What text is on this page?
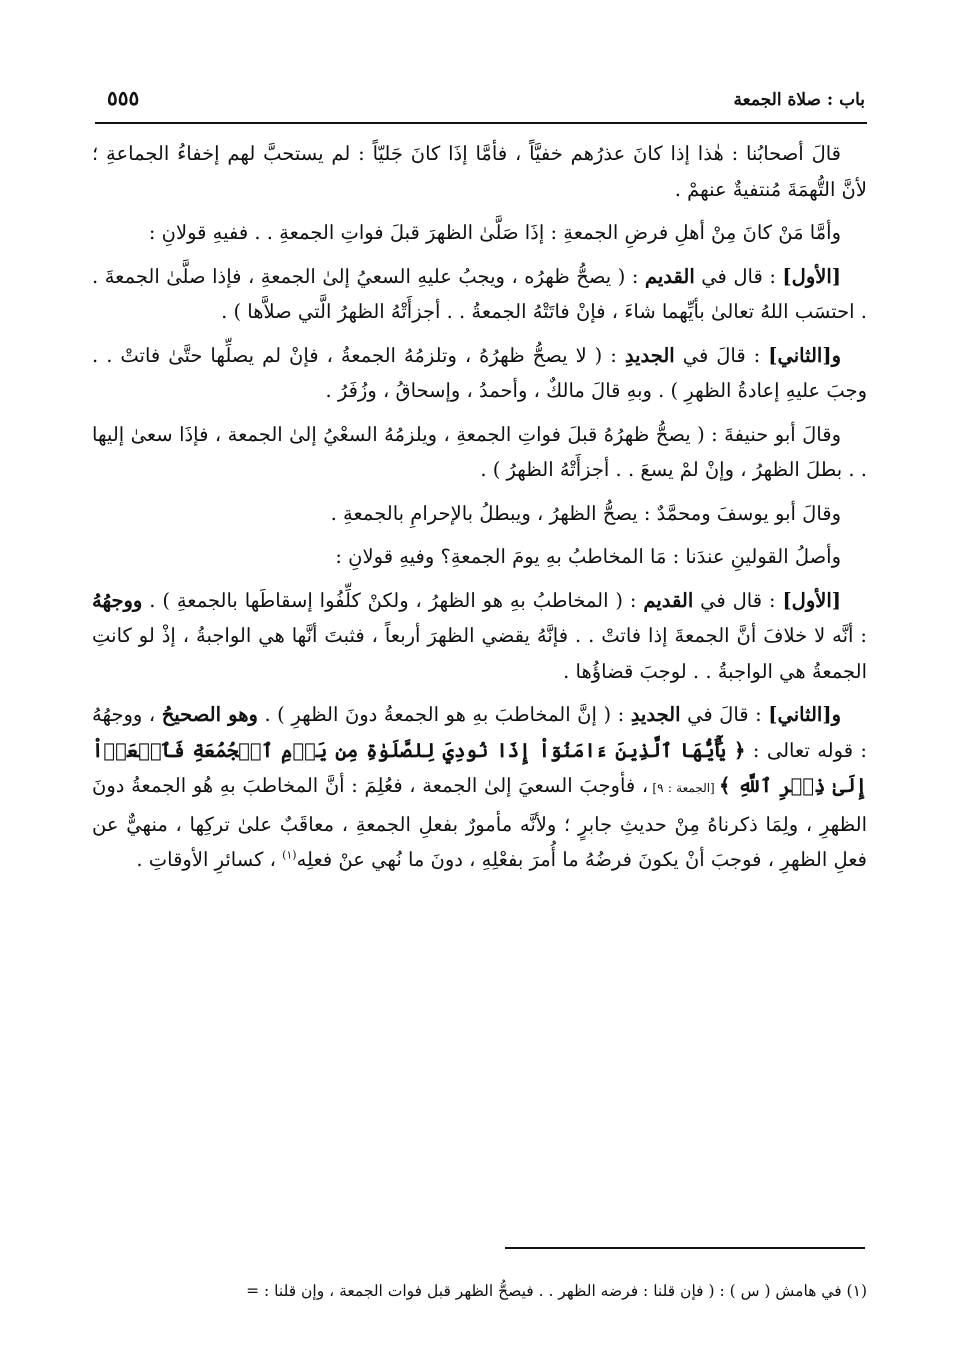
باب : صلاة الجمعة
٥٥٥

قالَ أصحابُنا : هٰذا إذا كانَ عذرُهم خفيَّاً ، فأمَّا إذَا كانَ جَليّاً : لم يستحبَّ لهم إخفاءُ الجماعةِ ؛ لأنَّ التُّهمَةَ مُنتفيةٌ عنهمْ .

وأمَّا مَنْ كانَ مِنْ أهلِ فرضِ الجمعةِ : إذَا صَلَّىٰ الظهرَ قبلَ فواتِ الجمعةِ . . ففيهِ قولانِ :

[الأول] : قال في القديم : ( يصحُّ ظهرُه ، ويجبُ عليهِ السعيُ إلىٰ الجمعةِ ، فإذا صلَّىٰ الجمعةَ . . احتسَب اللهُ تعالىٰ بأيِّهما شاءَ ، فإنْ فاتَتْهُ الجمعةُ . . أجزأَتْهُ الظهرُ الَّتي صلاَّها ) .

و[الثاني] : قالَ في الجديدِ : ( لا يصحُّ ظهرُهُ ، وتلزمُهُ الجمعةُ ، فإنْ لم يصلِّها حتَّىٰ فاتتْ . . وجبَ عليهِ إعادةُ الظهرِ ) . وبهِ قالَ مالكٌ ، وأحمدُ ، وإسحاقُ ، وزُفَرُ .

وقالَ أبو حنيفةَ : ( يصحُّ ظهرُهُ قبلَ فواتِ الجمعةِ ، ويلزمُهُ السعْيُ إلىٰ الجمعة ، فإذَا سعىٰ إليها . . بطلَ الظهرُ ، وإنْ لمْ يسعَ . . أجزأَتْهُ الظهرُ ) .

وقالَ أبو يوسفَ ومحمَّدٌ : يصحُّ الظهرُ ، ويبطلُ بالإحرامِ بالجمعةِ .

وأصلُ القولينِ عندَنا : مَا المخاطبُ بهِ يومَ الجمعةِ؟ وفيهِ قولانِ :

[الأول] : قال في القديم : ( المخاطبُ بهِ هو الظهرُ ، ولكنْ كلِّفُوا إسقاطَها بالجمعةِ ) . ووجهُهُ : أنَّه لا خلافَ أنَّ الجمعةَ إذا فاتتْ . . فإنَّهُ يقضي الظهرَ أربعاً ، فثبتَ أنَّها هي الواجبةُ ، إذْ لو كانتِ الجمعةُ هي الواجبةُ . . لوجبَ قضاؤُها .

و[الثاني] : قالَ في الجديدِ : ( إنَّ المخاطبَ بهِ هو الجمعةُ دونَ الظهرِ ) . وهو الصحيحُ ، ووجهُهُ : قوله تعالى : ﴿ يَٰٓأَيُّهَا ٱلَّذِينَ ءَامَنُوٓاْ إِذَا نُودِيَ لِلصَّلَوٰةِ مِن يَوۡمِ ٱلۡجُمُعَةِ فَٱسۡعَوۡاْ إِلَىٰ ذِكۡرِ ٱللَّهِ ﴾ [الجمعة : ٩] ، فأوجبَ السعيَ إلىٰ الجمعة ، فعُلِمَ : أنَّ المخاطبَ بهِ هُو الجمعةُ دونَ الظهرِ ، ولِمَا ذكرناهُ مِنْ حديثِ جابرٍ ؛ ولأنَّه مأمورٌ بفعلِ الجمعةِ ، معاقَبٌ علىٰ تركِها ، منهيٌّ عن فعلِ الظهرِ ، فوجبَ أنْ يكونَ فرضُهُ ما أُمرَ بفعْلِهِ ، دونَ ما نُهي عنْ فعلِه$^{(١)}$ ، كسائرِ الأوقاتِ .

(١) في هامش ( س ) : ( فإن قلنا : فرضه الظهر . . فيصحُّ الظهر قبل فوات الجمعة ، وإن قلنا : =
